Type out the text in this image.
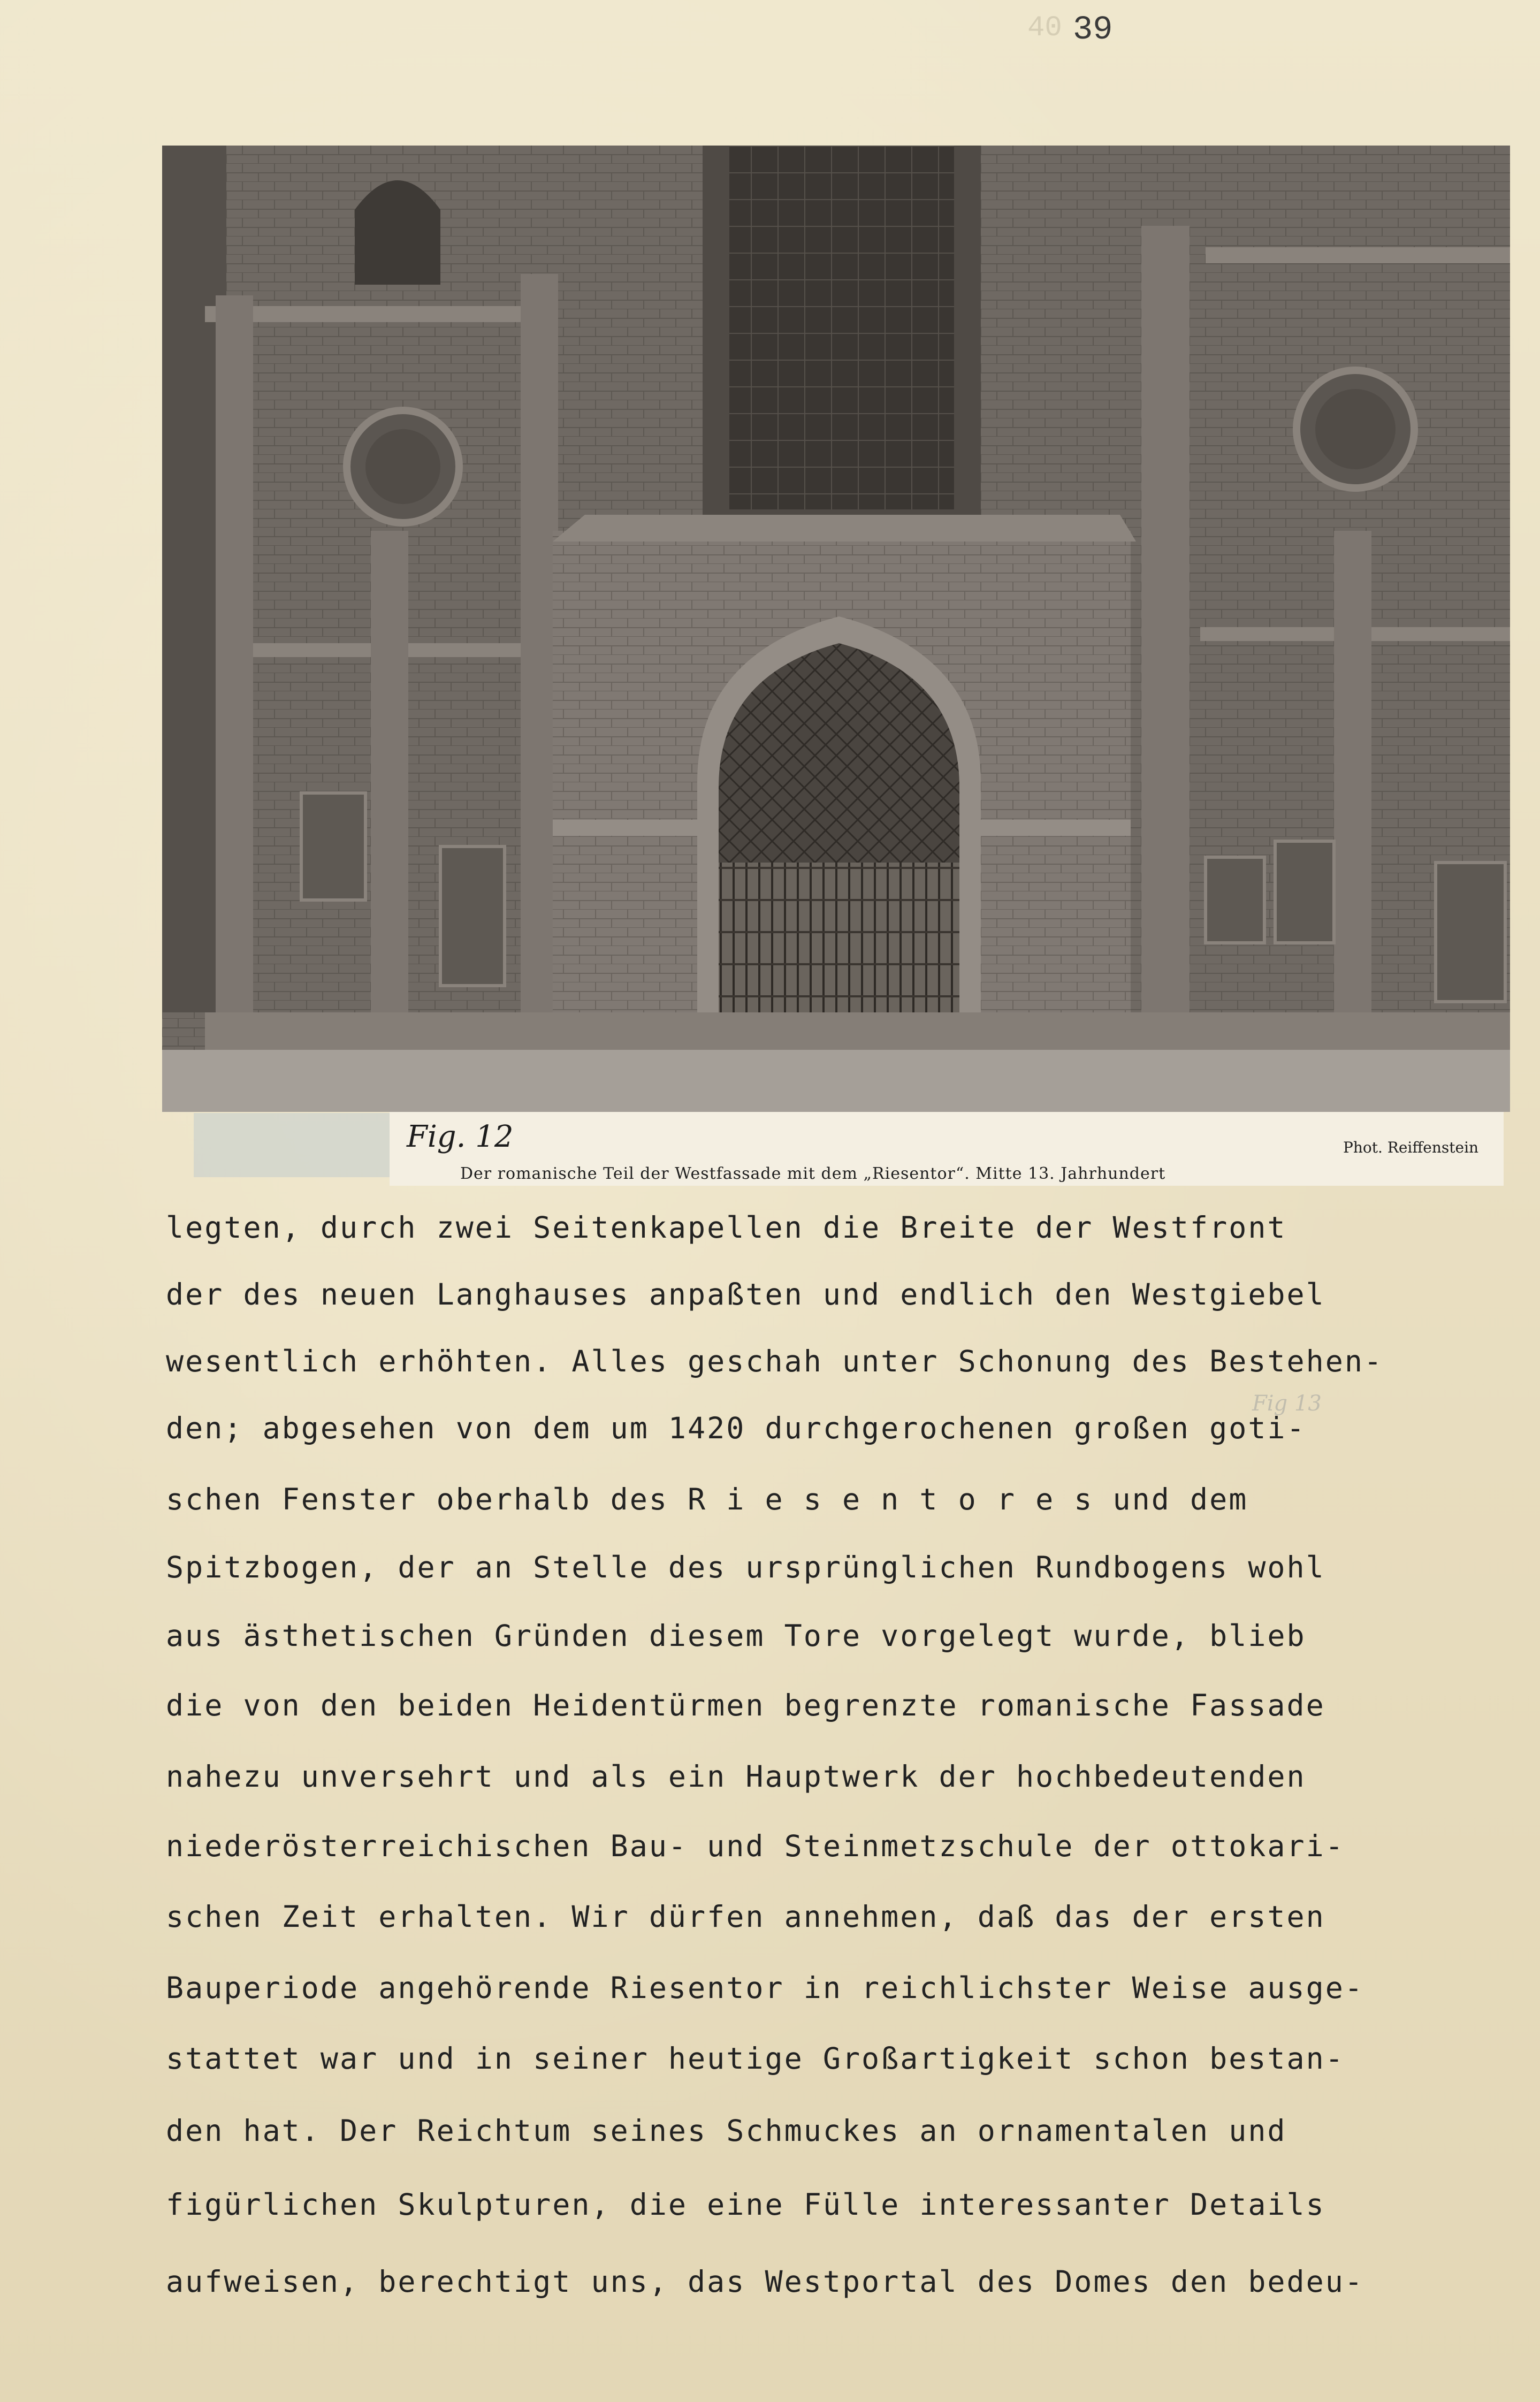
40 39
Fig. 12
Der romanische Teil der Westfassade mit dem „Riesentor“. Mitte 13. Jahrhundert
Phot. Reiffenstein
Fig 13
legten, durch zwei Seitenkapellen die Breite der Westfront
der des neuen Langhauses anpaßten und endlich den Westgiebel
wesentlich erhöhten. Alles geschah unter Schonung des Bestehen-
den; abgesehen von dem um 1420 durchgerochenen großen goti-
schen Fenster oberhalb des R i e s e n t o r e s und dem
Spitzbogen, der an Stelle des ursprünglichen Rundbogens wohl
aus ästhetischen Gründen diesem Tore vorgelegt wurde, blieb
die von den beiden Heidentürmen begrenzte romanische Fassade
nahezu unversehrt und als ein Hauptwerk der hochbedeutenden
niederösterreichischen Bau- und Steinmetzschule der ottokari-
schen Zeit erhalten. Wir dürfen annehmen, daß das der ersten
Bauperiode angehörende Riesentor in reichlichster Weise ausge-
stattet war und in seiner heutige Großartigkeit schon bestan-
den hat. Der Reichtum seines Schmuckes an ornamentalen und
figürlichen Skulpturen, die eine Fülle interessanter Details
aufweisen, berechtigt uns, das Westportal des Domes den bedeu-
